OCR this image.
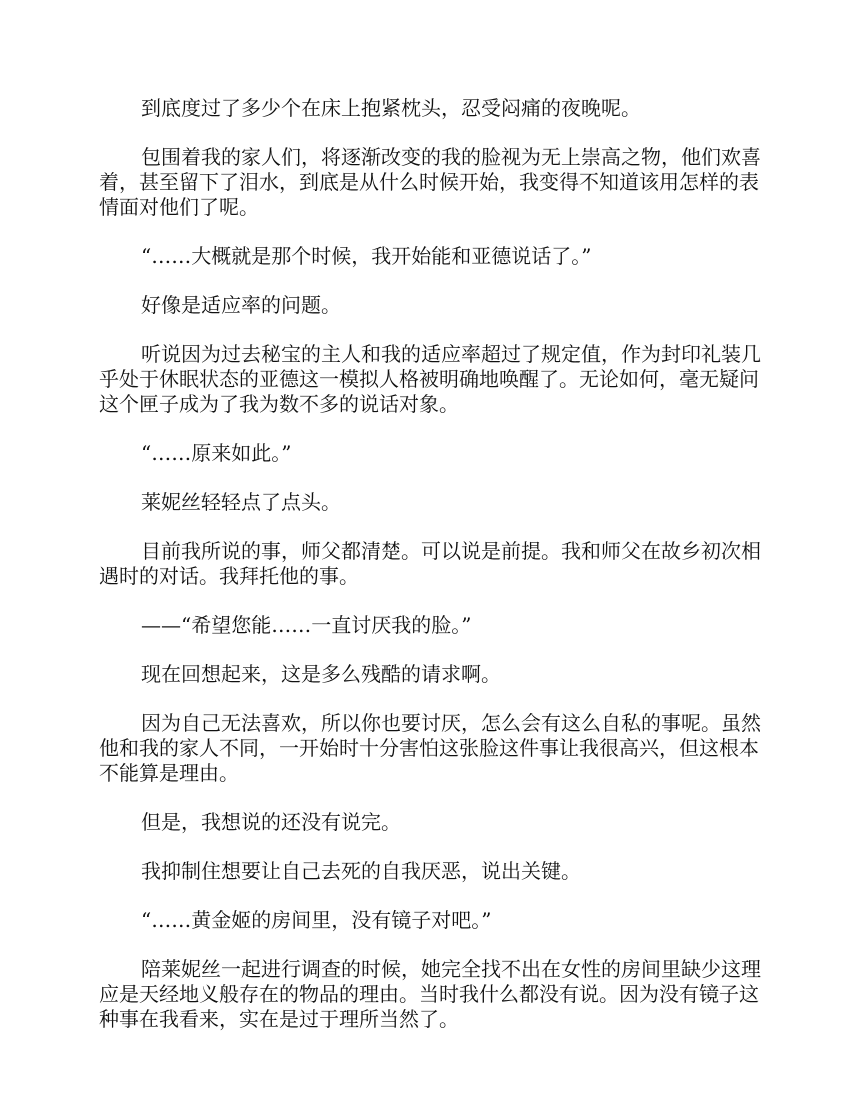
到底度过了多少个在床上抱紧枕头，忍受闷痛的夜晚呢。

包围着我的家人们，将逐渐改变的我的脸视为无上崇高之物，他们欢喜着，甚至留下了泪水，到底是从什么时候开始，我变得不知道该用怎样的表情面对他们了呢。

“……大概就是那个时候，我开始能和亚德说话了。”

好像是适应率的问题。

听说因为过去秘宝的主人和我的适应率超过了规定值，作为封印礼装几乎处于休眠状态的亚德这一模拟人格被明确地唤醒了。无论如何，毫无疑问这个匣子成为了我为数不多的说话对象。

“……原来如此。”

莱妮丝轻轻点了点头。

目前我所说的事，师父都清楚。可以说是前提。我和师父在故乡初次相遇时的对话。我拜托他的事。

——“希望您能……一直讨厌我的脸。”

现在回想起来，这是多么残酷的请求啊。

因为自己无法喜欢，所以你也要讨厌，怎么会有这么自私的事呢。虽然他和我的家人不同，一开始时十分害怕这张脸这件事让我很高兴，但这根本不能算是理由。

但是，我想说的还没有说完。

我抑制住想要让自己去死的自我厌恶，说出关键。

“……黄金姬的房间里，没有镜子对吧。”

陪莱妮丝一起进行调查的时候，她完全找不出在女性的房间里缺少这理应是天经地义般存在的物品的理由。当时我什么都没有说。因为没有镜子这种事在我看来，实在是过于理所当然了。
